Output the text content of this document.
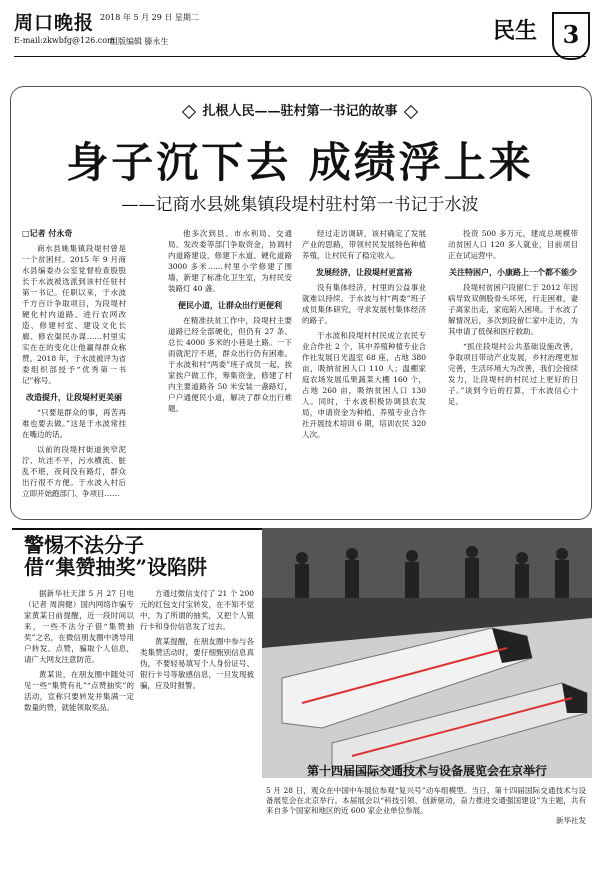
周口晚报 2018 年 5 月 29 日 星期二
E-mail:zkwbfg@126.com
组版编辑 滕永生	民生	3
扎根人民——驻村第一书记的故事
身子沉下去 成绩浮上来
——记商水县姚集镇段堤村驻村第一书记于水波
□记者 付永奇

商水县姚集镇段堤村曾是一个贫困村。2015 年 9 月商水县编委办公室党督检查股股长于水波被选派到该村任驻村第一书记。任职以来，于水波千方百计争取项目，为段堤村硬化村内道路、进行农网改造、修建村室、建设文化长廊、修农渠民办谋……村里实实在在的变化让他赢得群众称赞。2018 年，于水波被评为省委组织部授予“优秀第一书记”称号。

改造提升，让段堤村更美丽

“只要是群众的事，再苦再难也要去做。”这是于水波常挂在嘴边的话。

以前的段堤村街道狭窄泥泞、坑洼不平，污水横流、脏乱不堪，夜间没有路灯，群众出行很不方便。于水波入村后立即开始跑部门、争项目……

他多次到县、市水利局、交通局、发改委等部门争取资金，协调村内道路建设，修建下水道、硬化道路 3000 多米……村里小学修建了围墙，新建了标准化卫生室，为村民安装路灯 40 盏。

便民小道，让群众出行更便利

在精准扶贫工作中，段堤村主要道路已经全部硬化，但仍有 27 条、总长 4000 多米的小巷是土路。一下雨就泥泞不堪，群众出行仍有困难。于水波和村“两委”班子成员一起，挨家挨户做工作，筹集资金，修建了村内主要道路各 50 米安装一盏路灯，户户通便民小道，解决了群众出行难题。

经过走访调研，该村确定了发展产业的思路，带领村民发展特色种植养殖，让村民有了稳定收入。

发展经济，让段堤村更富裕

没有集体经济，村里的公益事业就难以持续。于水波与村“两委”班子成员集体研究，寻求发展村集体经济的路子。

于水波和段堤村村民成立农民专业合作社 2 个，其中养殖种植专业合作社发展日光温室 68 座，占地 380 亩，吸纳贫困人口 110 人；温棚家庭农场发展瓜果蔬菜大棚 160 个，占地 260 亩，吸纳贫困人口 130 人。同时，于水波积极协调县农发局，申请资金为种植、养殖专业合作社开展技术培训 6 期，培训农民 320 人次。

投资 500 多万元，建成总规模带动贫困人口 120 多人就业，目前项目正在试运营中。

关注特困户，小康路上一个都不能少

段堤村贫困户段留仁于 2012 年因病导致双侧股骨头坏死，行走困难，妻子离家出走，家庭陷入困境。于水波了解情况后，多次到段留仁家中走访，为其申请了低保和医疗救助。

“抓住段堤村公共基础设施改善，争取项目带动产业发展，乡村治理更加完善，生活环境大为改善，我们会接续发力，让段堤村的村民过上更好的日子。”谈到今后的打算，于水波信心十足。

警惕不法分子
借“集赞抽奖”设陷阱

据新华社天津 5 月 27 日电（记者 周润健）国内网络诈骗专家黄某日前提醒，近一段时间以来，一些不法分子借“集赞抽奖”之名，在微信朋友圈中诱导用户转发、点赞，骗取个人信息，请广大网友注意防范。

黄某说，在朋友圈中随处可见一些“集赞有礼”“点赞抽奖”的活动，宣称只要转发并集满一定数量的赞，就能领取奖品。

方通过微信支付了 21 个 200 元的红包支付宝转发，在不知不觉中，为了所谓的抽奖，又把个人银行卡和身份信息发了过去。

黄某提醒，在朋友圈中参与各类集赞活动时，要仔细甄别信息真伪，不要轻易填写个人身份证号、银行卡号等敏感信息，一旦发现被骗，应及时报警。

第十四届国际交通技术与设备展览会在京举行
5 月 28 日，观众在中国中车展位参观“复兴号”动车组模型。当日，第十四届国际交通技术与设备展览会在北京举行。本届展会以“科技引领、创新驱动，奋力推进交通强国建设”为主题，共有来自多个国家和地区的近 600 家企业单位参展。
新华社发
